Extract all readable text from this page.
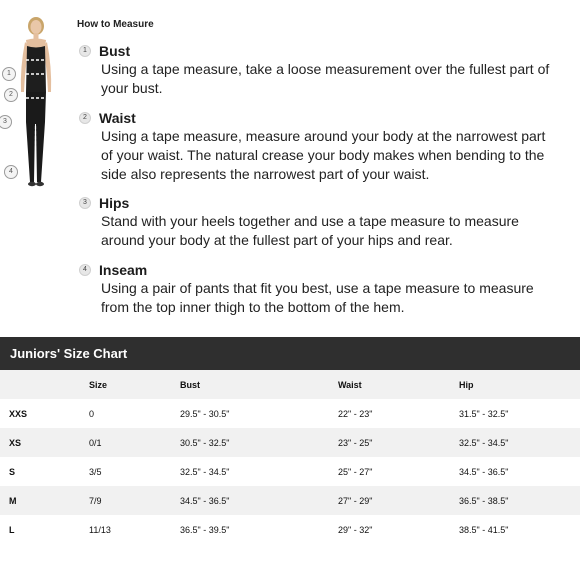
1
2
3
4
How to Measure
1 Bust
Using a tape measure, take a loose measurement over the fullest part of
your bust.
2 Waist
Using a tape measure, measure around your body at the narrowest part
of your waist. The natural crease your body makes when bending to the
side also represents the narrowest part of your waist.
3 Hips
Stand with your heels together and use a tape measure to measure
around your body at the fullest part of your hips and rear.
4 Inseam
Using a pair of pants that fit you best, use a tape measure to measure
from the top inner thigh to the bottom of the hem.
Juniors' Size Chart
	Size	Bust	Waist	Hip
XXS	0	29.5" - 30.5"	22" - 23"	31.5" - 32.5"
XS	0/1	30.5" - 32.5"	23" - 25"	32.5" - 34.5"
S	3/5	32.5" - 34.5"	25" - 27"	34.5" - 36.5"
M	7/9	34.5" - 36.5"	27" - 29"	36.5" - 38.5"
L	11/13	36.5" - 39.5"	29" - 32"	38.5" - 41.5"
